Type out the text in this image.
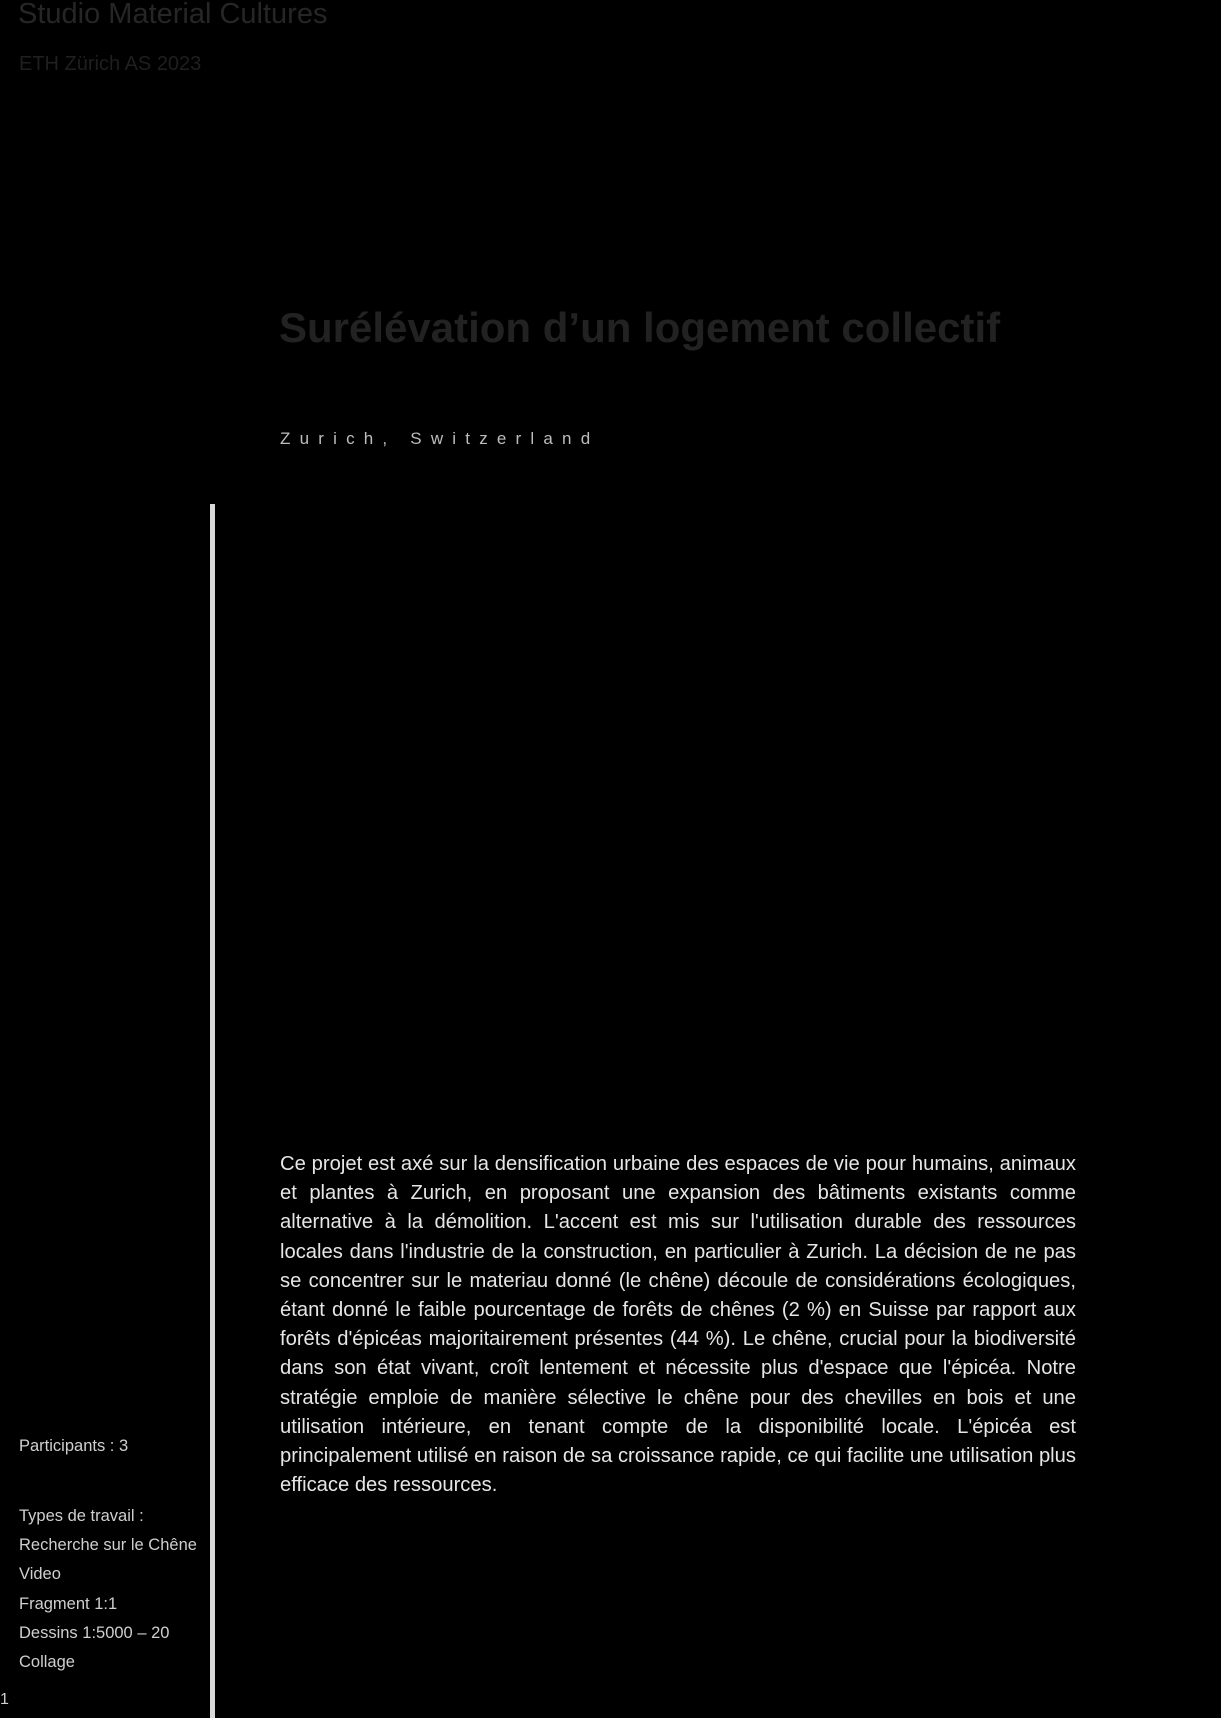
Studio Material Cultures
ETH Zürich AS 2023
Surélévation d’un logement collectif
Zurich, Switzerland

Ce projet est axé sur la densification urbaine des espaces de vie pour humains, animaux et plantes à Zurich, en proposant une expansion des bâtiments existants comme alternative à la démolition. L'accent est mis sur l'utilisation durable des ressources locales dans l'industrie de la construction, en particulier à Zurich. La décision de ne pas se concentrer sur le materiau donné (le chêne) découle de considérations écologiques, étant donné le faible pourcentage de forêts de chênes (2 %) en Suisse par rapport aux forêts d'épicéas majoritairement présentes (44 %). Le chêne, crucial pour la biodiversité dans son état vivant, croît lentement et nécessite plus d'espace que l'épicéa. Notre stratégie emploie de manière sélective le chêne pour des chevilles en bois et une utilisation intérieure, en tenant compte de la disponibilité locale. L'épicéa est principalement utilisé en raison de sa croissance rapide, ce qui facilite une utilisation plus efficace des ressources.

Participants : 3
Types de travail :
Recherche sur le Chêne
Video
Fragment 1:1
Dessins 1:5000 – 20
Collage
1
